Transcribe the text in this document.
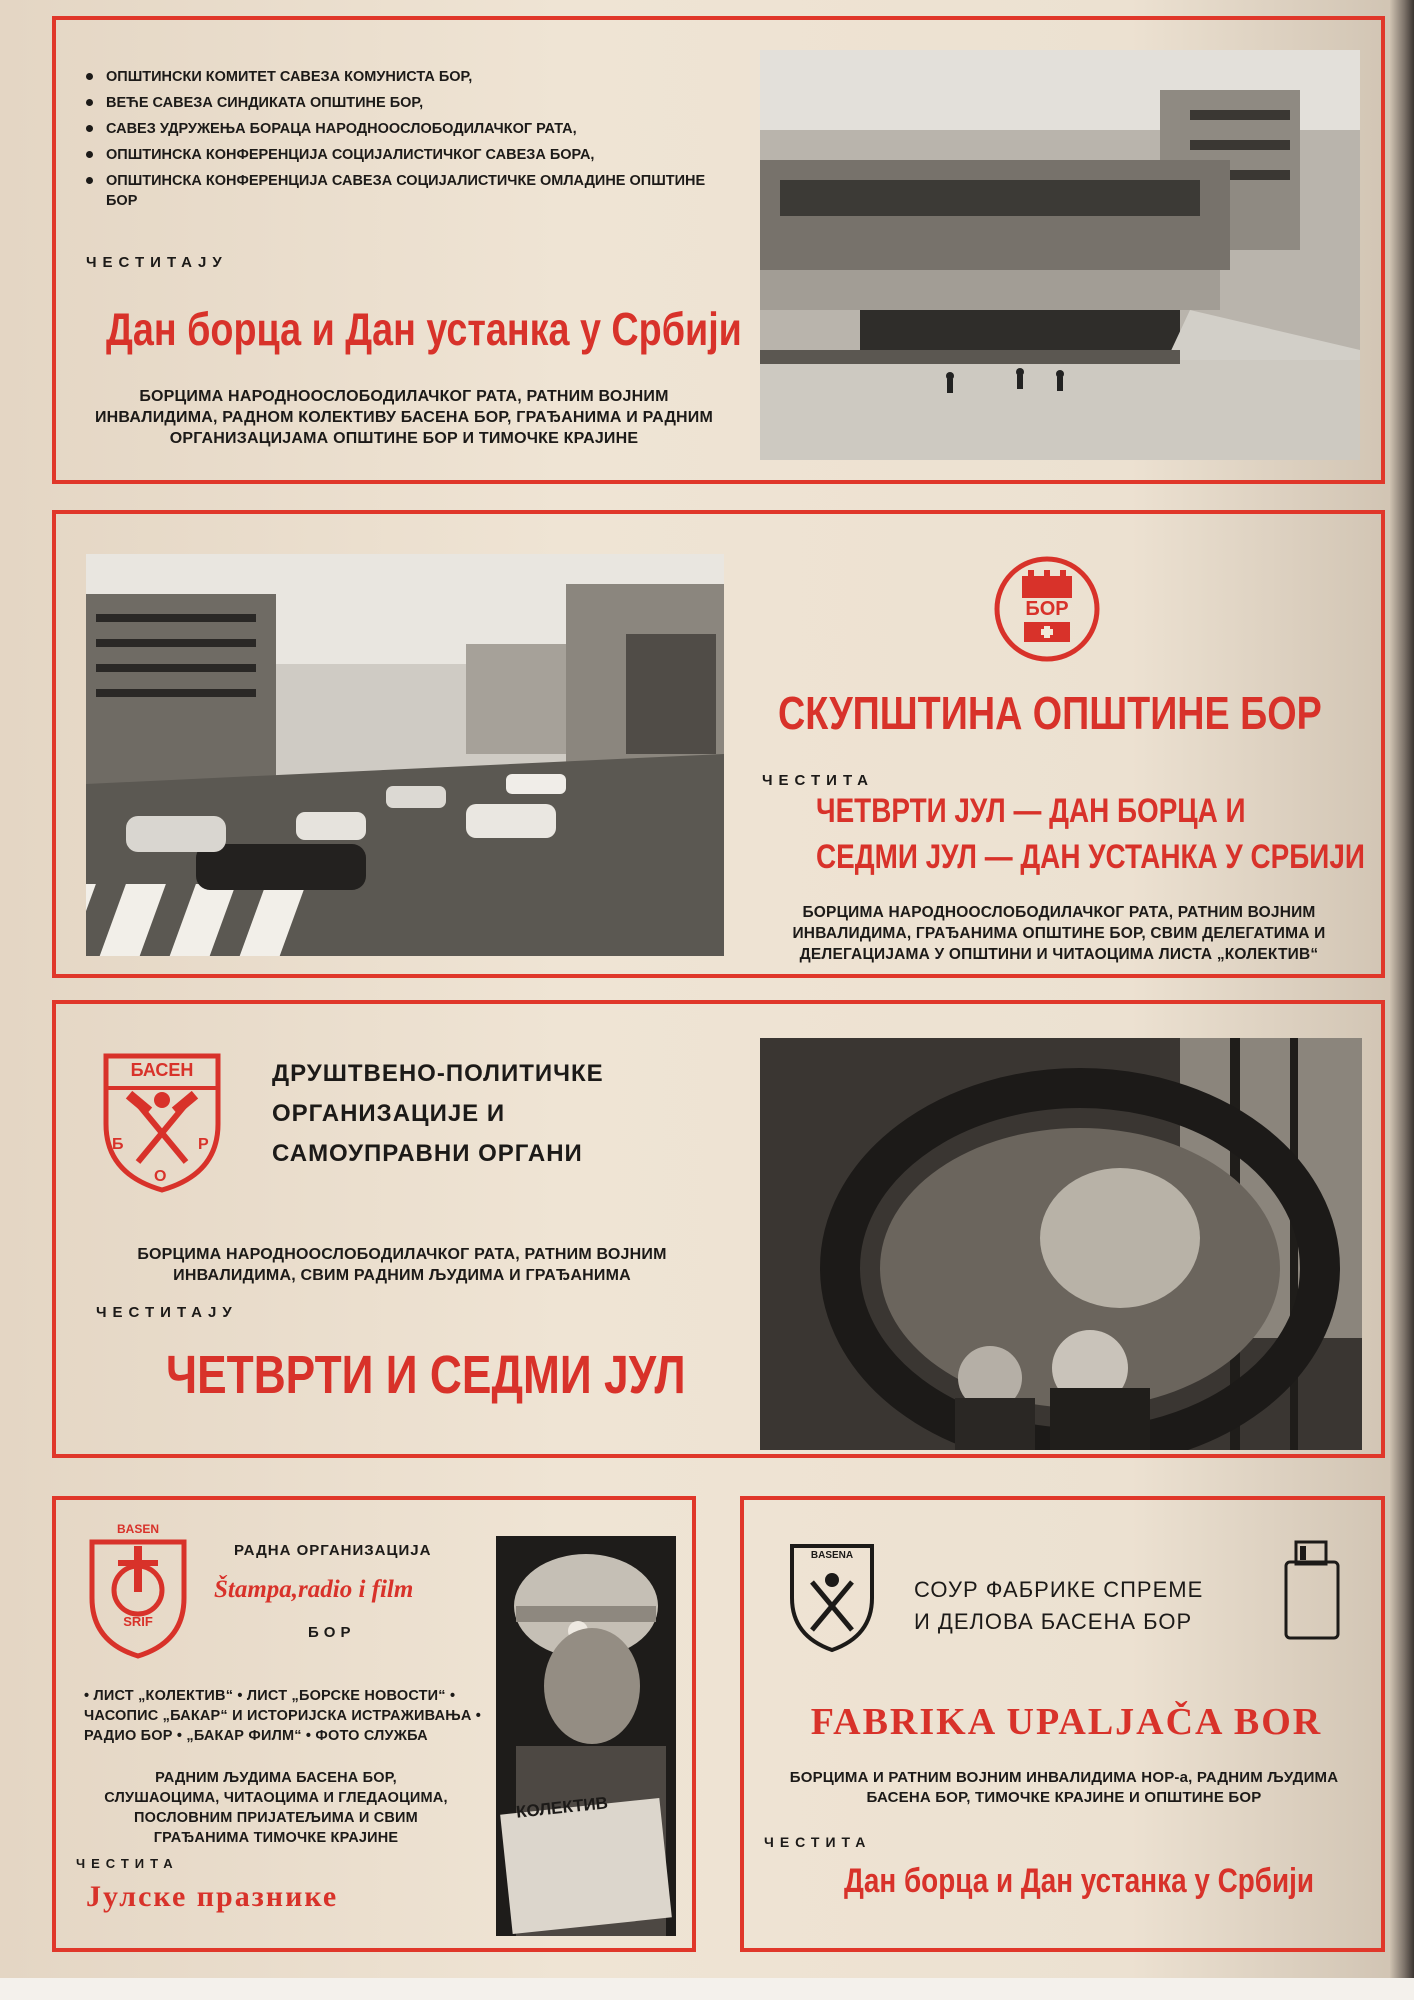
ОПШТИНСКИ КОМИТЕТ САВЕЗА КОМУНИСТА БОР,
ВЕЋЕ САВЕЗА СИНДИКАТА ОПШТИНЕ БОР,
САВЕЗ УДРУЖЕЊА БОРАЦА НАРОДНООСЛОБОДИЛАЧКОГ РАТА,
ОПШТИНСКА КОНФЕРЕНЦИЈА СОЦИЈАЛИСТИЧКОГ САВЕЗА БОРА,
ОПШТИНСКА КОНФЕРЕНЦИЈА САВЕЗА СОЦИЈАЛИСТИЧКЕ ОМЛАДИНЕ ОПШТИНЕ БОР
ЧЕСТИТАЈУ
Дан борца и Дан устанка у Србији
БОРЦИМА НАРОДНООСЛОБОДИЛАЧКОГ РАТА, РАТНИМ ВОЈНИМ ИНВАЛИДИМА, РАДНОМ КОЛЕКТИВУ БАСЕНА БОР, ГРАЂАНИМА И РАДНИМ ОРГАНИЗАЦИЈАМА ОПШТИНЕ БОР И ТИМОЧКЕ КРАЈИНЕ
БОР
СКУПШТИНА ОПШТИНЕ БОР
ЧЕСТИТА
ЧЕТВРТИ ЈУЛ — ДАН БОРЦА И
СЕДМИ ЈУЛ — ДАН УСТАНКА У СРБИЈИ
БОРЦИМА НАРОДНООСЛОБОДИЛАЧКОГ РАТА, РАТНИМ ВОЈНИМ ИНВАЛИДИМА, ГРАЂАНИМА ОПШТИНЕ БОР, СВИМ ДЕЛЕГАТИМА И ДЕЛЕГАЦИЈАМА У ОПШТИНИ И ЧИТАОЦИМА ЛИСТА „КОЛЕКТИВ“
БАСЕН
Б
О
Р
ДРУШТВЕНО-ПОЛИТИЧКЕ
ОРГАНИЗАЦИЈЕ И
САМОУПРАВНИ ОРГАНИ
БОРЦИМА НАРОДНООСЛОБОДИЛАЧКОГ РАТА, РАТНИМ ВОЈНИМ ИНВАЛИДИМА, СВИМ РАДНИМ ЉУДИМА И ГРАЂАНИМА
ЧЕСТИТАЈУ
ЧЕТВРТИ И СЕДМИ ЈУЛ
BASEN
SRIF
РАДНА ОРГАНИЗАЦИЈА
Štampa,radio i film
БОР
• ЛИСТ „КОЛЕКТИВ“ • ЛИСТ „БОРСКЕ НОВОСТИ“ • ЧАСОПИС „БАКАР“ И ИСТОРИЈСКА ИСТРАЖИВАЊА • РАДИО БОР • „БАКАР ФИЛМ“ • ФОТО СЛУЖБА
РАДНИМ ЉУДИМА БАСЕНА БОР, СЛУШАОЦИМА, ЧИТАОЦИМА И ГЛЕДАОЦИМА, ПОСЛОВНИМ ПРИЈАТЕЉИМА И СВИМ ГРАЂАНИМА ТИМОЧКЕ КРАЈИНЕ
ЧЕСТИТА
Јулске празнике
КОЛЕКТИВ
BASENA
СОУР ФАБРИКЕ СПРЕМЕ
И ДЕЛОВА БАСЕНА БОР
FABRIKA UPALJAČA BOR
БОРЦИМА И РАТНИМ ВОЈНИМ ИНВАЛИДИМА НОР-а, РАДНИМ ЉУДИМА БАСЕНА БОР, ТИМОЧКЕ КРАЈИНЕ И ОПШТИНЕ БОР
ЧЕСТИТА
Дан борца и Дан устанка у Србији
